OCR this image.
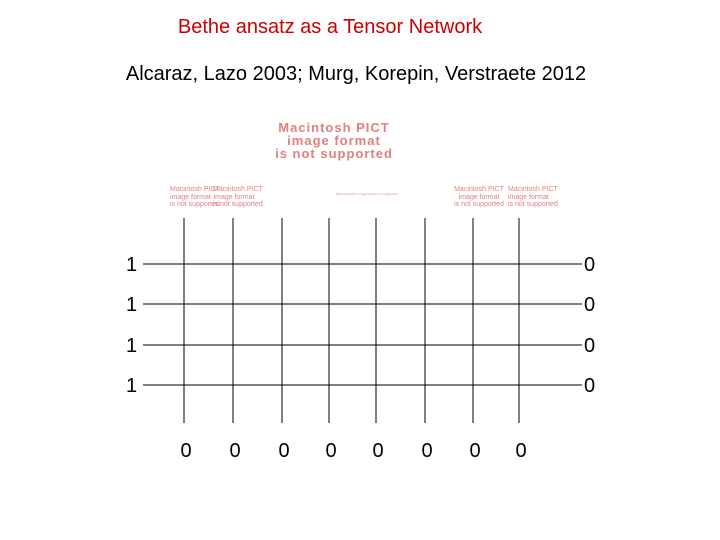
Bethe ansatz as a Tensor Network
Alcaraz, Lazo 2003; Murg, Korepin, Verstraete 2012
Macintosh PICT
image format
is not supported
Macintosh PICT
image format
is not supported
Macintosh PICT
image format
is not supported
Macintosh PICT image format is not supported
Macintosh PICT
image format
is not supported
Macintosh PICT
image format
is not supported
1
1
1
1
0
0
0
0
0 0 0 0 0 0 0 0
